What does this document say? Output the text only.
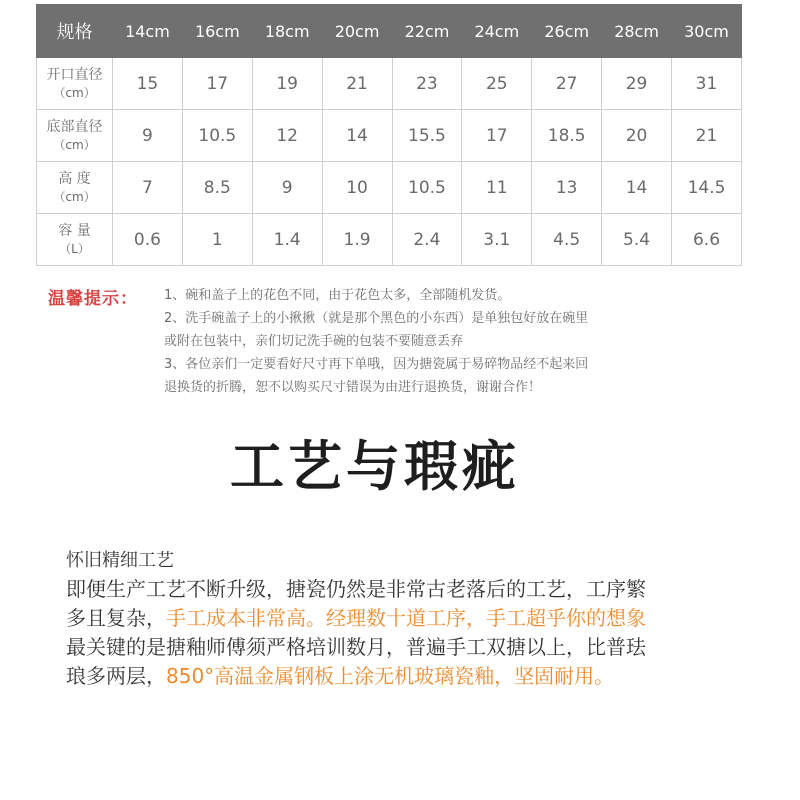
规格	14cm	16cm	18cm	20cm	22cm	24cm	26cm	28cm	30cm

开口直径
（cm）	15	17	19	21	23	25	27	29	31

底部直径
（cm）	9	10.5	12	14	15.5	17	18.5	20	21

高 度
（cm）	7	8.5	9	10	10.5	11	13	14	14.5

容 量
（L）	0.6	1	1.4	1.9	2.4	3.1	4.5	5.4	6.6
温馨提示： 1、碗和盖子上的花色不同，由于花色太多，全部随机发货。

2、洗手碗盖子上的小揪揪（就是那个黑色的小东西）是单独包好放在碗里

或附在包装中，亲们切记洗手碗的包装不要随意丢弃

3、各位亲们一定要看好尺寸再下单哦，因为搪瓷属于易碎物品经不起来回

退换货的折腾，恕不以购买尺寸错误为由进行退换货，谢谢合作！

工艺与瑕疵
怀旧精细工艺
即便生产工艺不断升级，搪瓷仍然是非常古老落后的工艺，工序繁
多且复杂，手工成本非常高。经理数十道工序，手工超乎你的想象
最关键的是搪釉师傅须严格培训数月，普遍手工双搪以上，比普珐
琅多两层，850°高温金属钢板上涂无机玻璃瓷釉，坚固耐用。
